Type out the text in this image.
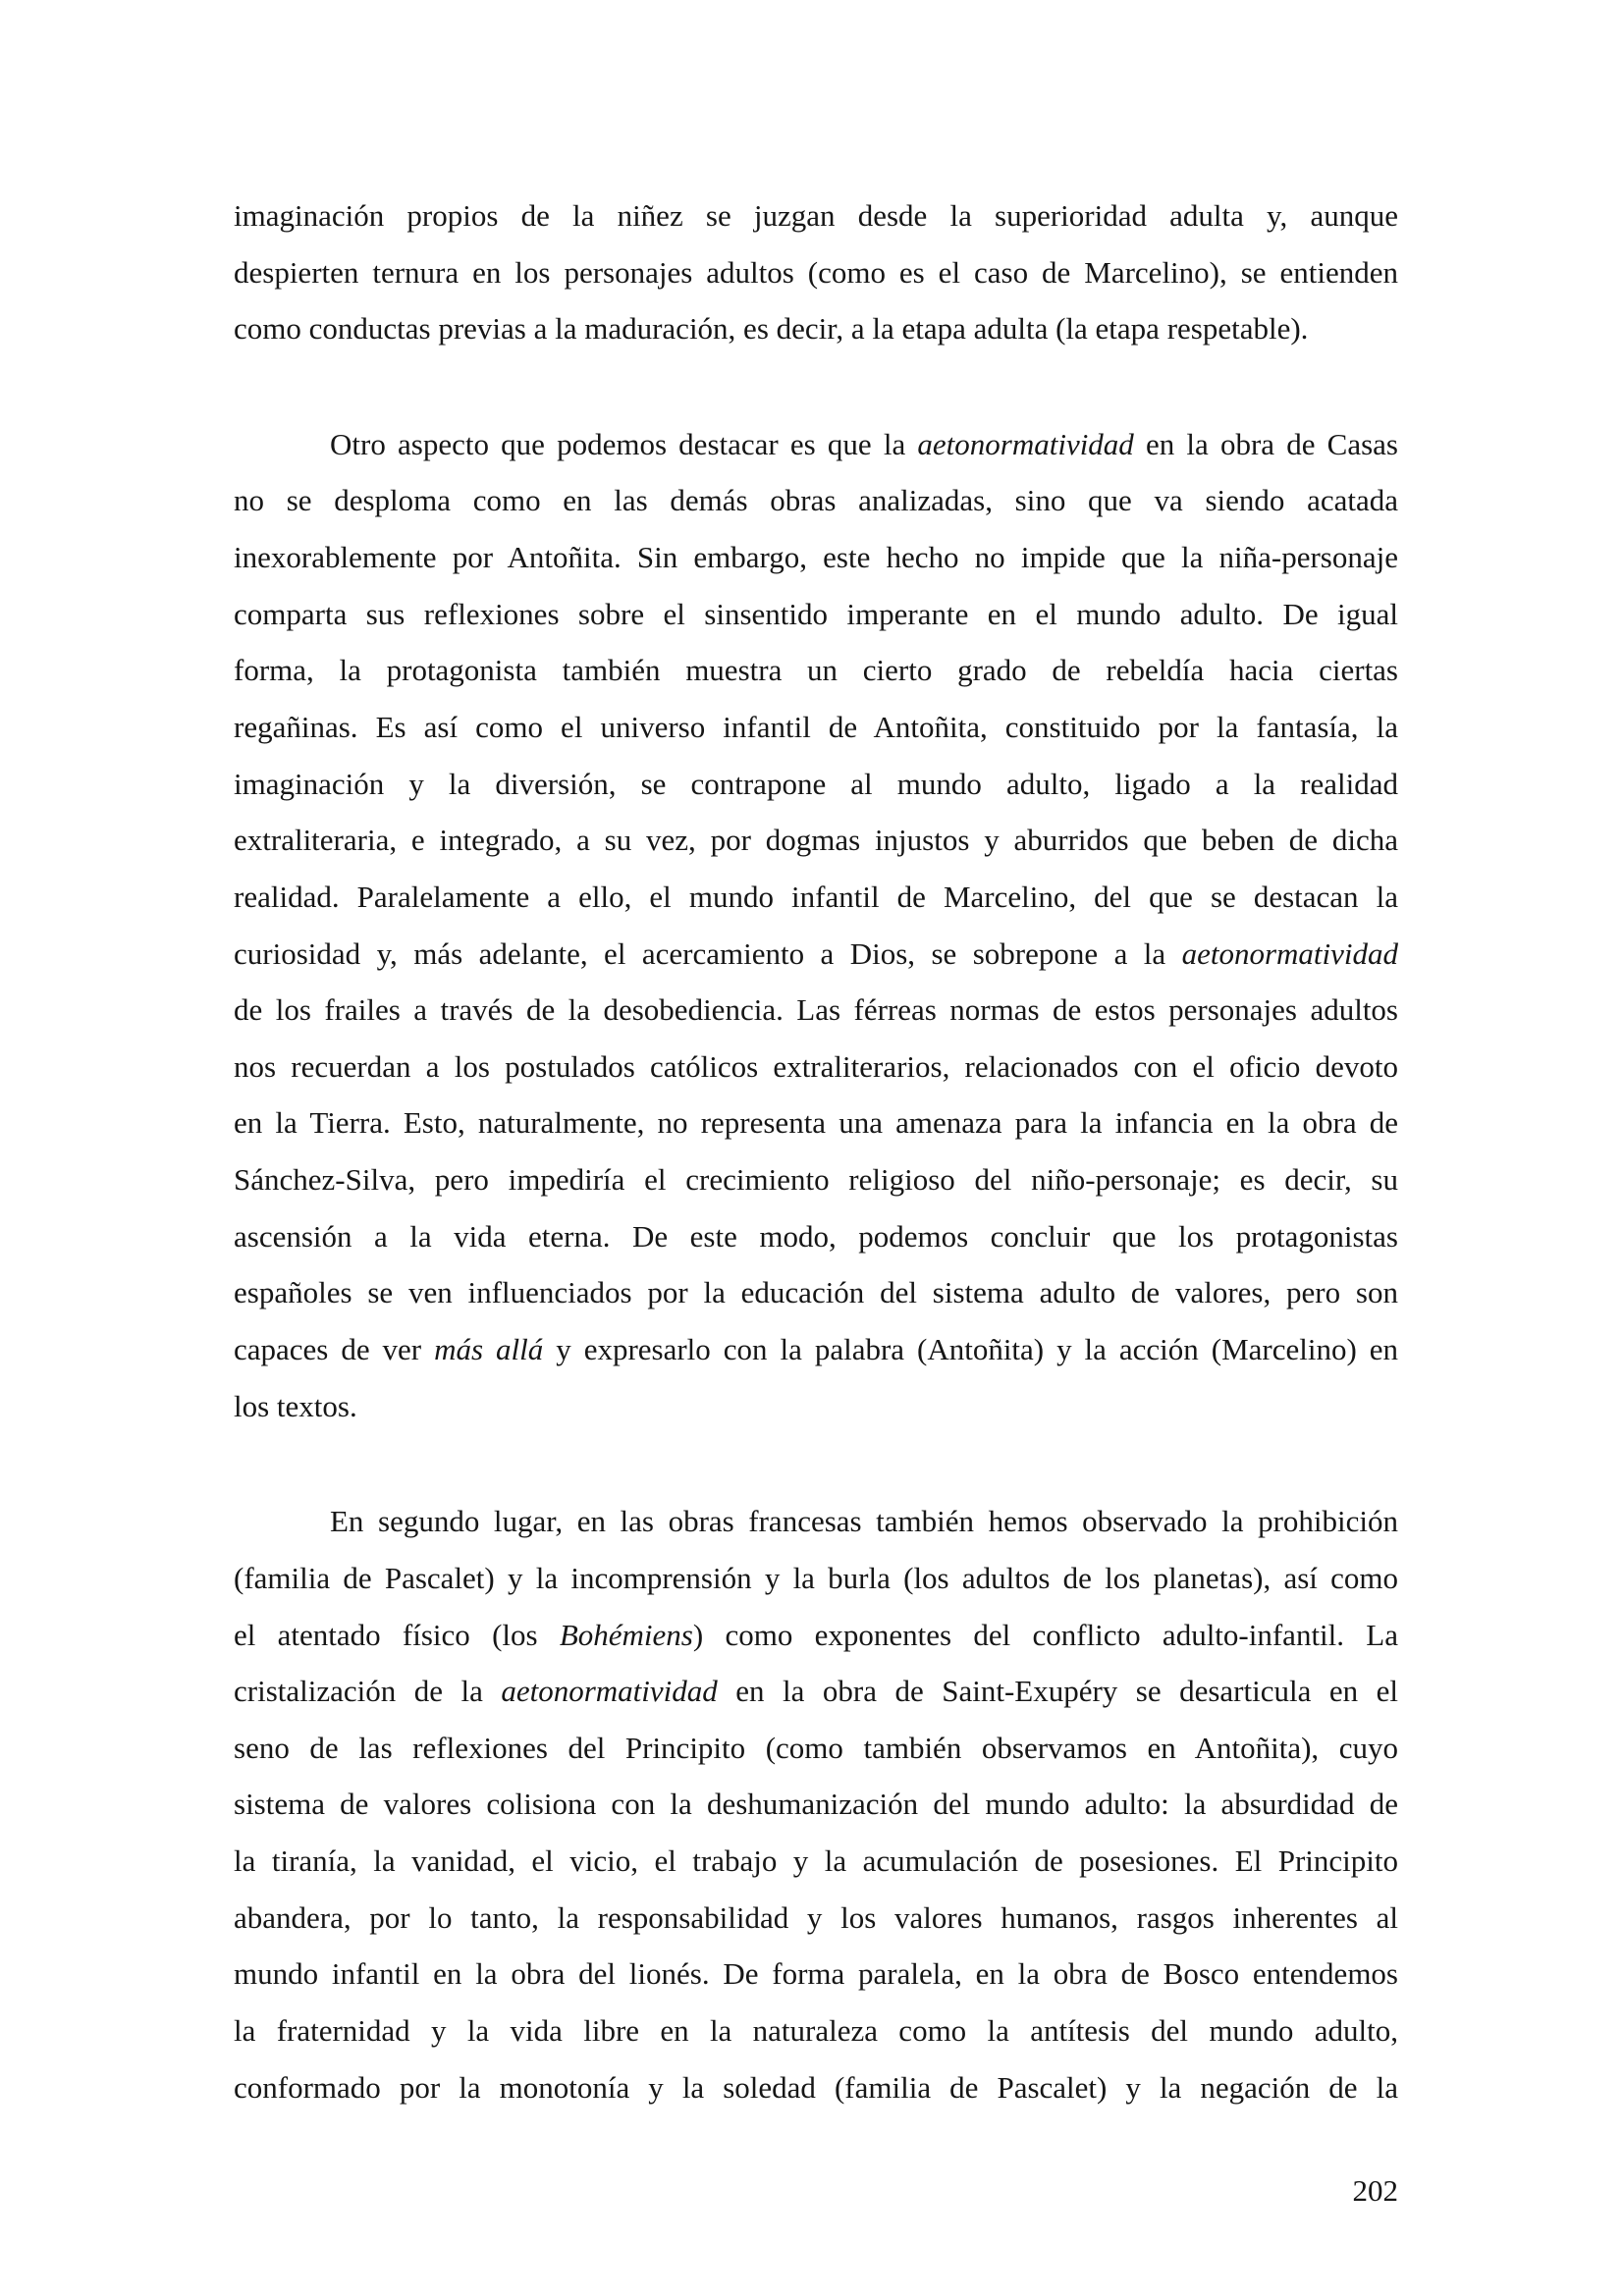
imaginación propios de la niñez se juzgan desde la superioridad adulta y, aunque

despierten ternura en los personajes adultos (como es el caso de Marcelino), se entienden

como conductas previas a la maduración, es decir, a la etapa adulta (la etapa respetable).

Otro aspecto que podemos destacar es que la aetonormatividad en la obra de Casas

no se desploma como en las demás obras analizadas, sino que va siendo acatada

inexorablemente por Antoñita. Sin embargo, este hecho no impide que la niña-personaje

comparta sus reflexiones sobre el sinsentido imperante en el mundo adulto. De igual

forma, la protagonista también muestra un cierto grado de rebeldía hacia ciertas

regañinas. Es así como el universo infantil de Antoñita, constituido por la fantasía, la

imaginación y la diversión, se contrapone al mundo adulto, ligado a la realidad

extraliteraria, e integrado, a su vez, por dogmas injustos y aburridos que beben de dicha

realidad. Paralelamente a ello, el mundo infantil de Marcelino, del que se destacan la

curiosidad y, más adelante, el acercamiento a Dios, se sobrepone a la aetonormatividad

de los frailes a través de la desobediencia. Las férreas normas de estos personajes adultos

nos recuerdan a los postulados católicos extraliterarios, relacionados con el oficio devoto

en la Tierra. Esto, naturalmente, no representa una amenaza para la infancia en la obra de

Sánchez-Silva, pero impediría el crecimiento religioso del niño-personaje; es decir, su

ascensión a la vida eterna. De este modo, podemos concluir que los protagonistas

españoles se ven influenciados por la educación del sistema adulto de valores, pero son

capaces de ver más allá y expresarlo con la palabra (Antoñita) y la acción (Marcelino) en

los textos.

En segundo lugar, en las obras francesas también hemos observado la prohibición

(familia de Pascalet) y la incomprensión y la burla (los adultos de los planetas), así como

el atentado físico (los Bohémiens) como exponentes del conflicto adulto-infantil. La

cristalización de la aetonormatividad en la obra de Saint-Exupéry se desarticula en el

seno de las reflexiones del Principito (como también observamos en Antoñita), cuyo

sistema de valores colisiona con la deshumanización del mundo adulto: la absurdidad de

la tiranía, la vanidad, el vicio, el trabajo y la acumulación de posesiones. El Principito

abandera, por lo tanto, la responsabilidad y los valores humanos, rasgos inherentes al

mundo infantil en la obra del lionés. De forma paralela, en la obra de Bosco entendemos

la fraternidad y la vida libre en la naturaleza como la antítesis del mundo adulto,

conformado por la monotonía y la soledad (familia de Pascalet) y la negación de la

202
